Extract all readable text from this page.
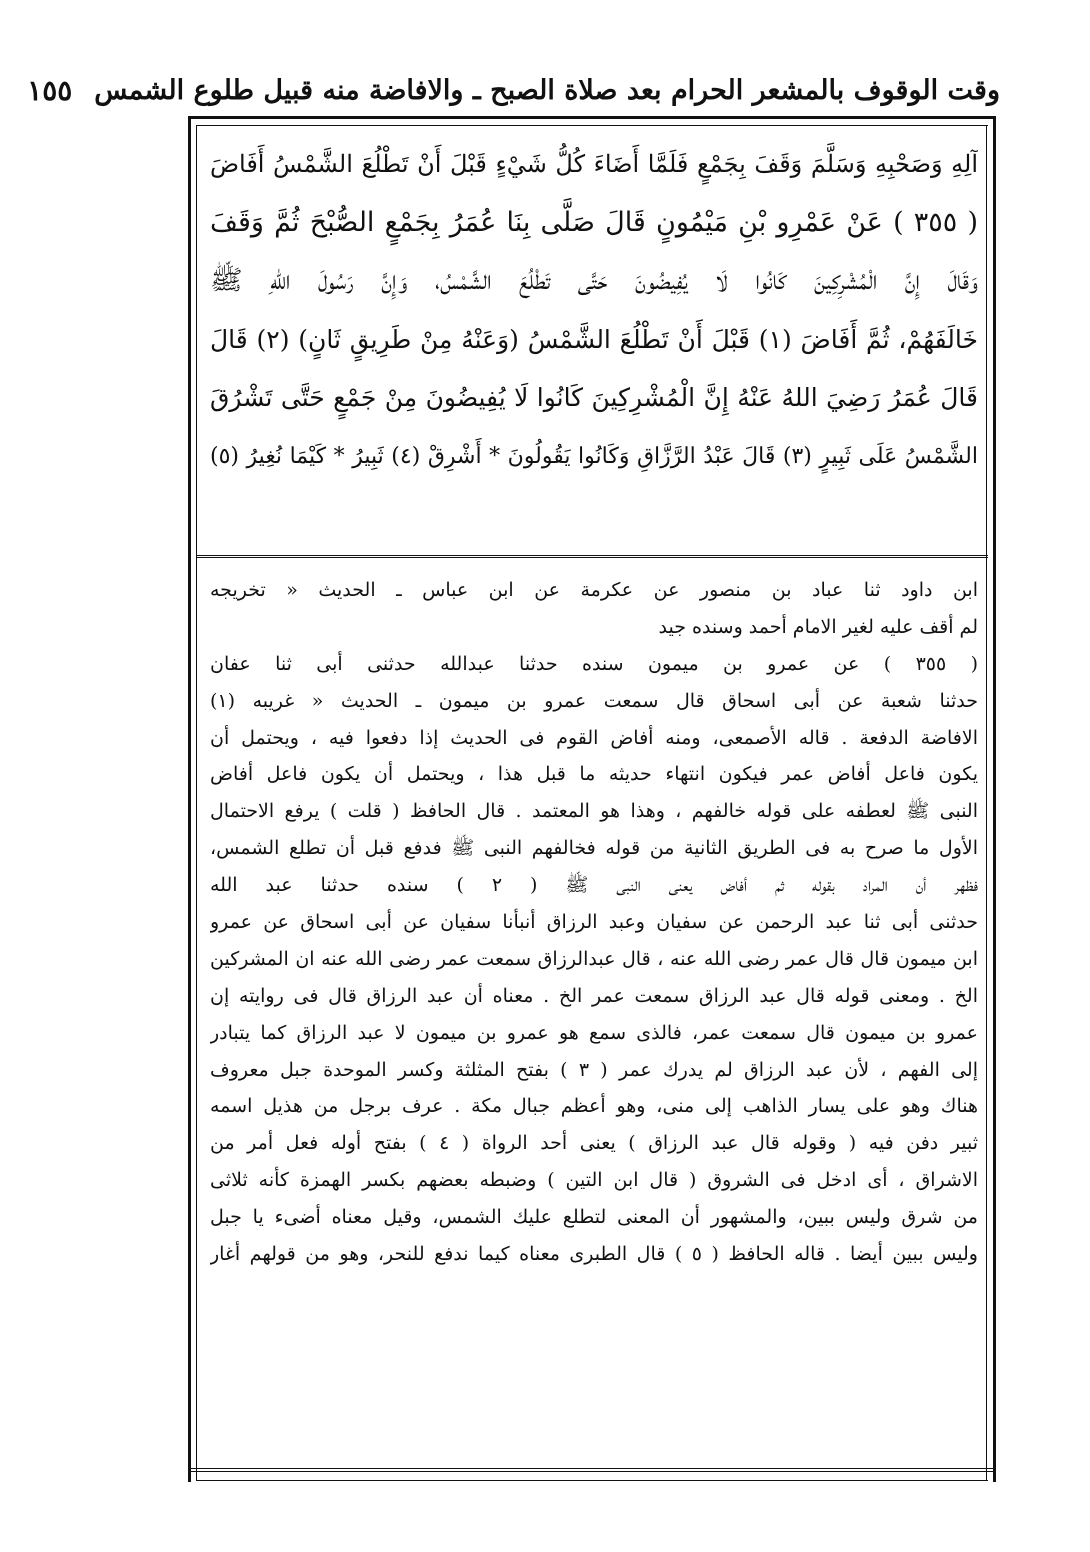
وقت الوقوف بالمشعر الحرام بعد صلاة الصبح ـ والافاضة منه قبيل طلوع الشمس
١٥٥
آلِهِ وَصَحْبِهِ وَسَلَّمَ وَقَفَ بِجَمْعٍ فَلَمَّا أَضَاءَ كُلُّ شَيْءٍ قَبْلَ أَنْ تَطْلُعَ الشَّمْسُ أَفَاضَ
( ٣٥٥ ) عَنْ عَمْرِو بْنِ مَيْمُونٍ قَالَ صَلَّى بِنَا عُمَرُ بِجَمْعٍ الصُّبْحَ ثُمَّ وَقَفَ
وَقَالَ إِنَّ الْمُشْرِكِينَ كَانُوا لَا يُفِيضُونَ حَتَّى تَطْلُعَ الشَّمْسُ، وَإِنَّ رَسُولَ اللهِ ﷺ
خَالَفَهُمْ، ثُمَّ أَفَاضَ (١) قَبْلَ أَنْ تَطْلُعَ الشَّمْسُ (وَعَنْهُ مِنْ طَرِيقٍ ثَانٍ) (٢) قَالَ
قَالَ عُمَرُ رَضِيَ اللهُ عَنْهُ إِنَّ الْمُشْرِكِينَ كَانُوا لَا يُفِيضُونَ مِنْ جَمْعٍ حَتَّى تَشْرُقَ
الشَّمْسُ عَلَى ثَبِيرٍ (٣) قَالَ عَبْدُ الرَّزَّاقِ وَكَانُوا يَقُولُونَ * أَشْرِقْ (٤) ثَبِيرُ * كَيْمَا نُغِيرُ (٥)
ابن داود ثنا عباد بن منصور عن عكرمة عن ابن عباس ـ الحديث « تخريجه
لم أقف عليه لغير الامام أحمد وسنده جيد
( ٣٥٥ ) عن عمرو بن ميمون سنده حدثنا عبدالله حدثنى أبى ثنا عفان
حدثنا شعبة عن أبى اسحاق قال سمعت عمرو بن ميمون ـ الحديث « غريبه (١)
الافاضة الدفعة . قاله الأصمعى، ومنه أفاض القوم فى الحديث إذا دفعوا فيه ، ويحتمل أن
يكون فاعل أفاض عمر فيكون انتهاء حديثه ما قبل هذا ، ويحتمل أن يكون فاعل أفاض
النبى ﷺ لعطفه على قوله خالفهم ، وهذا هو المعتمد . قال الحافظ ( قلت ) يرفع الاحتمال
الأول ما صرح به فى الطريق الثانية من قوله فخالفهم النبى ﷺ فدفع قبل أن تطلع الشمس،
فظهر أن المراد بقوله ثم أفاض يعنى النبى ﷺ ( ٢ ) سنده حدثنا عبد الله
حدثنى أبى ثنا عبد الرحمن عن سفيان وعبد الرزاق أنبأنا سفيان عن أبى اسحاق عن عمرو
ابن ميمون قال قال عمر رضى الله عنه ، قال عبدالرزاق سمعت عمر رضى الله عنه ان المشركين
الخ . ومعنى قوله قال عبد الرزاق سمعت عمر الخ . معناه أن عبد الرزاق قال فى روايته إن
عمرو بن ميمون قال سمعت عمر، فالذى سمع هو عمرو بن ميمون لا عبد الرزاق كما يتبادر
إلى الفهم ، لأن عبد الرزاق لم يدرك عمر ( ٣ ) بفتح المثلثة وكسر الموحدة جبل معروف
هناك وهو على يسار الذاهب إلى منى، وهو أعظم جبال مكة . عرف برجل من هذيل اسمه
ثبير دفن فيه ( وقوله قال عبد الرزاق ) يعنى أحد الرواة ( ٤ ) بفتح أوله فعل أمر من
الاشراق ، أى ادخل فى الشروق ( قال ابن التين ) وضبطه بعضهم بكسر الهمزة كأنه ثلاثى
من شرق وليس ببين، والمشهور أن المعنى لتطلع عليك الشمس، وقيل معناه أضىء يا جبل
وليس ببين أيضا . قاله الحافظ ( ٥ ) قال الطبرى معناه كيما ندفع للنحر، وهو من قولهم أغار
